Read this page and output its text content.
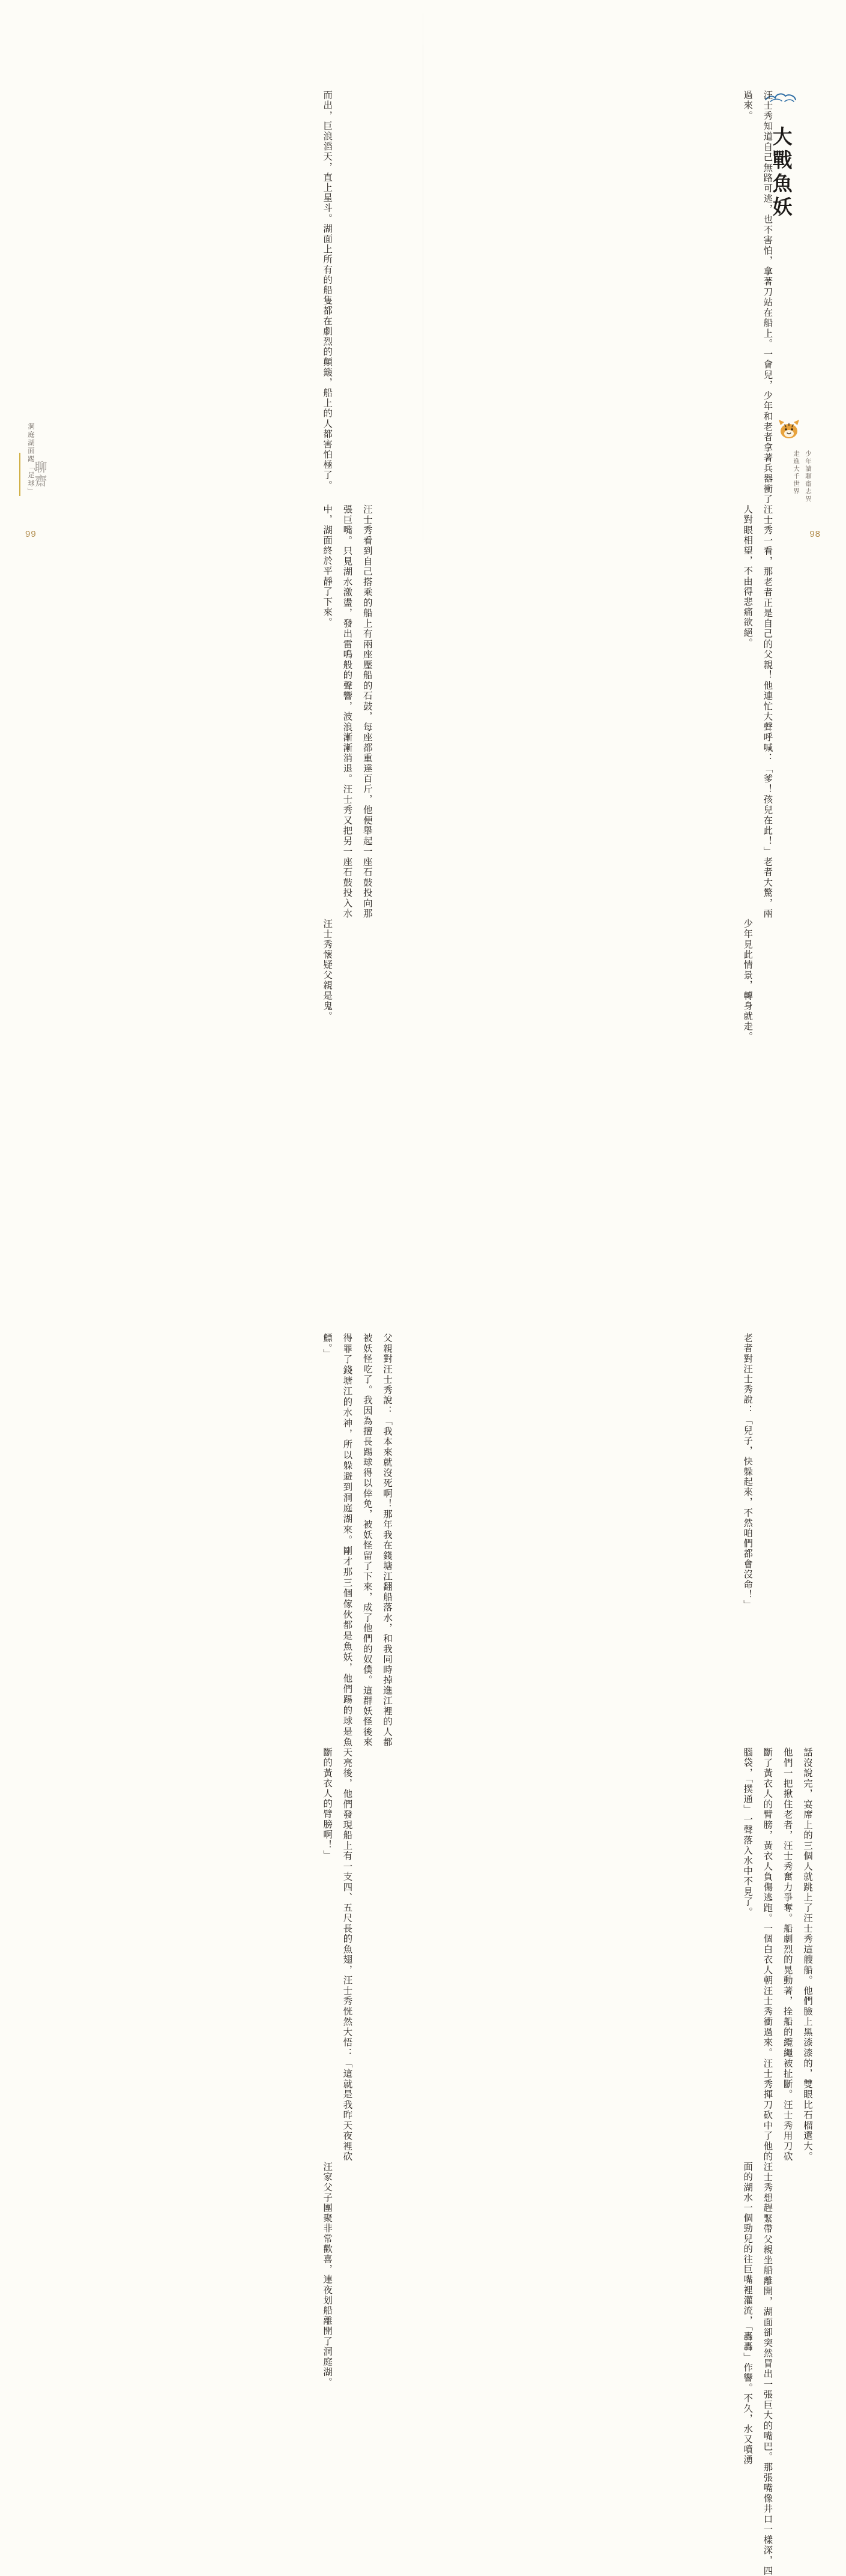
大戰魚妖
汪士秀知道自己無路可逃，也不害怕，拿著刀站在船上。一會兒，少年和老者拿著兵器衝了過來。
汪士秀一看，那老者正是自己的父親！他連忙大聲呼喊：「爹！孩兒在此！」老者大驚，兩人對眼相望，不由得悲痛欲絕。
少年見此情景，轉身就走。
老者對汪士秀說：「兒子，快躲起來，不然咱們都會沒命！」
話沒說完，宴席上的三個人就跳上了汪士秀這艘船。他們臉上黑漆漆的，雙眼比石榴還大。他們一把揪住老者，汪士秀奮力爭奪。船劇烈的晃動著，拴船的纜繩被扯斷。汪士秀用刀砍斷了黃衣人的臂膀，黃衣人負傷逃跑。一個白衣人朝汪士秀衝過來。汪士秀揮刀砍中了他的腦袋，「撲通」一聲落入水中不見了。
汪士秀想趕緊帶父親坐船離開，湖面卻突然冒出一張巨大的嘴巴。那張嘴像井口一樣深，四面的湖水一個勁兒的往巨嘴裡灌流，「轟轟」作響。不久，水又噴湧
少年讀聊齋志異 走進大千世界
98
而出，巨浪滔天，直上星斗。湖面上所有的船隻都在劇烈的顛簸，船上的人都害怕極了。
汪士秀看到自己搭乘的船上有兩座壓船的石鼓，每座都重達百斤，他便舉起一座石鼓投向那張巨嘴。只見湖水激盪，發出雷鳴般的聲響，波浪漸漸消退。汪士秀又把另一座石鼓投入水中，湖面終於平靜了下來。
汪士秀懷疑父親是鬼。
父親對汪士秀說：「我本來就沒死啊！那年我在錢塘江翻船落水，和我同時掉進江裡的人都被妖怪吃了。我因為擅長踢球得以倖免，被妖怪留了下來，成了他們的奴僕。這群妖怪後來得罪了錢塘江的水神，所以躲避到洞庭湖來。剛才那三個傢伙都是魚妖，他們踢的球是魚鰾。」
天亮後，他們發現船上有一支四、五尺長的魚翅，汪士秀恍然大悟：「這就是我昨天夜裡砍斷的黃衣人的臂膀啊！」
汪家父子團聚非常歡喜，連夜划船離開了洞庭湖。
洞庭湖面踢「足球」
聊齋
99
